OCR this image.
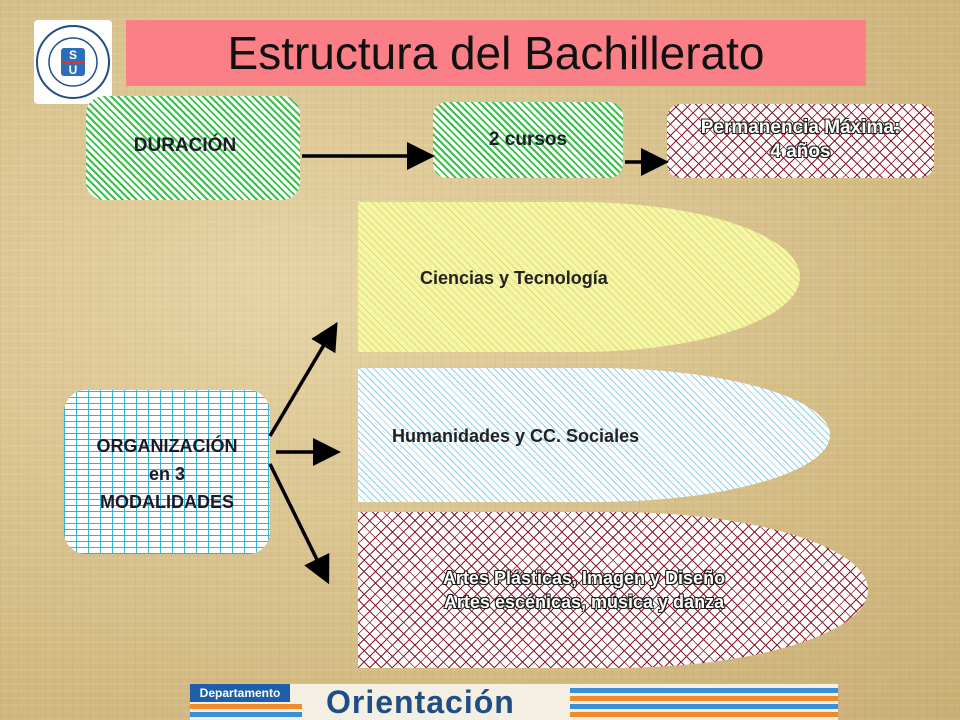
S
U	Estructura del Bachillerato
DURACIÓN	2 cursos
Permanencia Máxima:
4 años
ORGANIZACIÓN
en 3
MODALIDADES
Ciencias y Tecnología
Humanidades y CC. Sociales
Artes Plásticas, Imagen y Diseño
Artes escénicas, música y danza
Departamento	Orientación
